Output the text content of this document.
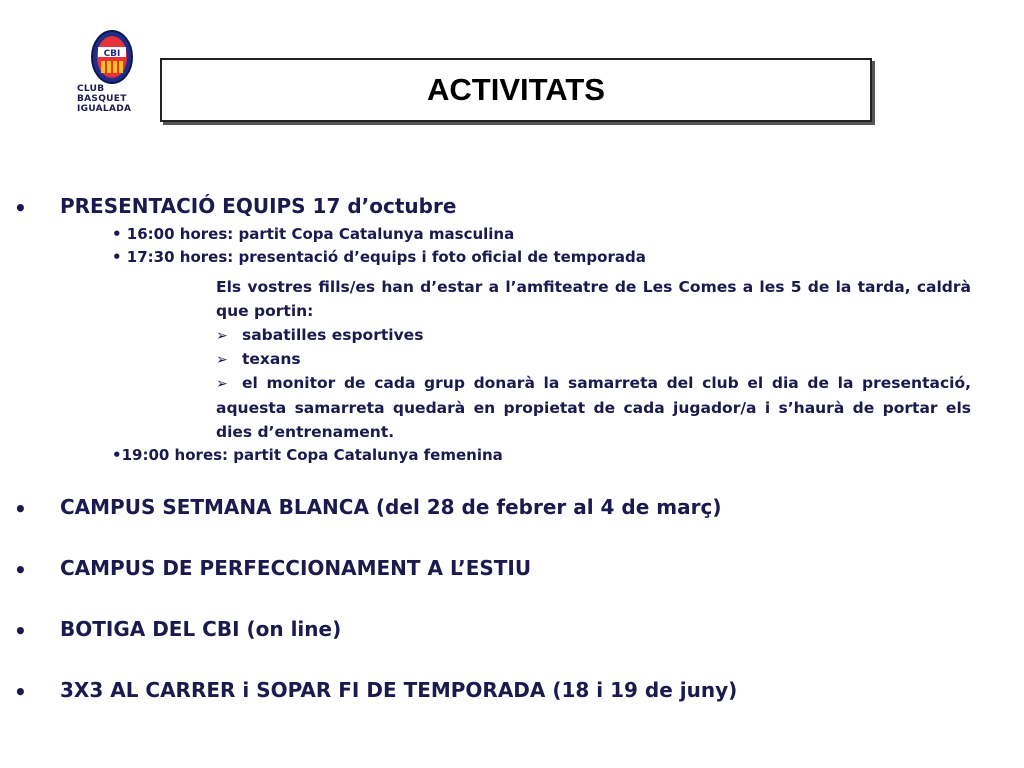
CBI
CLUB
BASQUET
IGUALADA
ACTIVITATS
• PRESENTACIÓ EQUIPS 17 d’octubre
• 16:00 hores: partit Copa Catalunya masculina
• 17:30 hores: presentació d’equips i foto oficial de temporada
Els vostres fills/es han d’estar a l’amfiteatre de Les Comes a les 5 de la tarda, caldrà que portin:
➢ sabatilles esportives
➢ texans
➢ el monitor de cada grup donarà la samarreta del club el dia de la presentació, aquesta samarreta quedarà en propietat de cada jugador/a i s’haurà de portar els dies d’entrenament.
•19:00 hores: partit Copa Catalunya femenina
• CAMPUS SETMANA BLANCA (del 28 de febrer al 4 de març)
• CAMPUS DE PERFECCIONAMENT A L’ESTIU
• BOTIGA DEL CBI (on line)
• 3X3 AL CARRER i SOPAR FI DE TEMPORADA (18 i 19 de juny)
